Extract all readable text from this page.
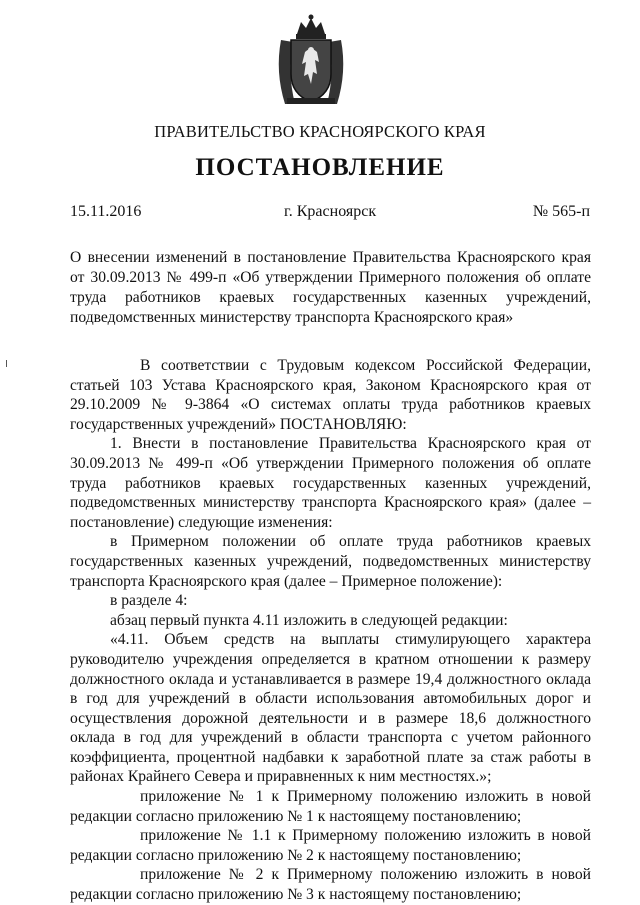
ПРАВИТЕЛЬСТВО КРАСНОЯРСКОГО КРАЯ
ПОСТАНОВЛЕНИЕ
15.11.2016	г. Красноярск	№ 565-п
О внесении изменений в постановление Правительства Красноярского края от 30.09.2013 № 499-п «Об утверждении Примерного положения об оплате труда работников краевых государственных казенных учреждений, подведомственных министерству транспорта Красноярского края»

В соответствии с Трудовым кодексом Российской Федерации, статьей 103 Устава Красноярского края, Законом Красноярского края от 29.10.2009 № 9-3864 «О системах оплаты труда работников краевых государственных учреждений» ПОСТАНОВЛЯЮ:

1. Внести в постановление Правительства Красноярского края от 30.09.2013 № 499-п «Об утверждении Примерного положения об оплате труда работников краевых государственных казенных учреждений, подведомственных министерству транспорта Красноярского края» (далее – постановление) следующие изменения:

в Примерном положении об оплате труда работников краевых государственных казенных учреждений, подведомственных министерству транспорта Красноярского края (далее – Примерное положение):

в разделе 4:

абзац первый пункта 4.11 изложить в следующей редакции:

«4.11. Объем средств на выплаты стимулирующего характера руководителю учреждения определяется в кратном отношении к размеру должностного оклада и устанавливается в размере 19,4 должностного оклада в год для учреждений в области использования автомобильных дорог и осуществления дорожной деятельности и в размере 18,6 должностного оклада в год для учреждений в области транспорта с учетом районного коэффициента, процентной надбавки к заработной плате за стаж работы в районах Крайнего Севера и приравненных к ним местностях.»;

приложение № 1 к Примерному положению изложить в новой редакции согласно приложению № 1 к настоящему постановлению;

приложение № 1.1 к Примерному положению изложить в новой редакции согласно приложению № 2 к настоящему постановлению;

приложение № 2 к Примерному положению изложить в новой редакции согласно приложению № 3 к настоящему постановлению;
